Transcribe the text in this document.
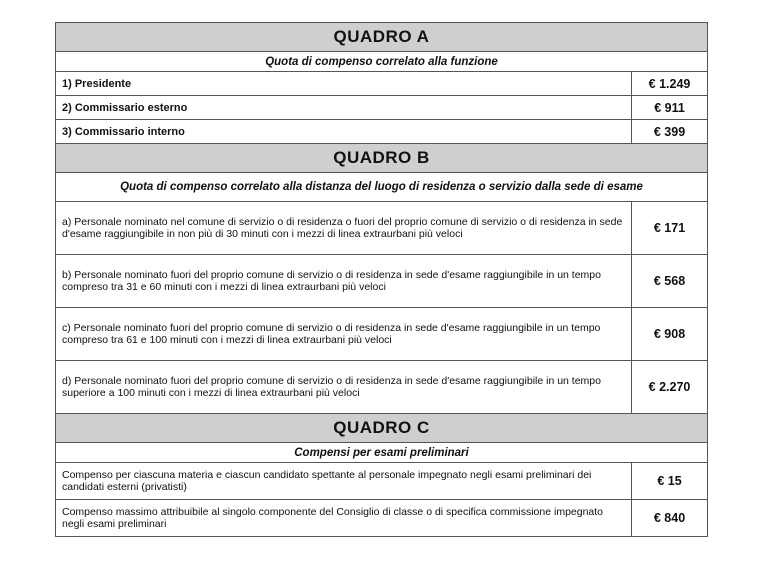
QUADRO A	
Quota di compenso correlato alla funzione	
1) Presidente	€ 1.249
2) Commissario esterno	€ 911
3) Commissario interno	€ 399
QUADRO B	
Quota di compenso correlato alla distanza del luogo di residenza o servizio dalla sede di esame	
a) Personale nominato nel comune di servizio o di residenza o fuori del proprio comune di servizio o di residenza in sede d'esame raggiungibile in non più di 30 minuti con i mezzi di linea extraurbani più veloci	€ 171
b) Personale nominato fuori del proprio comune di servizio o di residenza in sede d'esame raggiungibile in un tempo compreso tra 31 e 60 minuti con i mezzi di linea extraurbani più veloci	€ 568
c) Personale nominato fuori del proprio comune di servizio o di residenza in sede d'esame raggiungibile in un tempo compreso tra 61 e 100 minuti con i mezzi di linea extraurbani più veloci	€ 908
d) Personale nominato fuori del proprio comune di servizio o di residenza in sede d'esame raggiungibile in un tempo superiore a 100 minuti con i mezzi di linea extraurbani più veloci	€ 2.270
QUADRO C	
Compensi per esami preliminari	
Compenso per ciascuna materia e ciascun candidato spettante al personale impegnato negli esami preliminari dei candidati esterni (privatisti)	€ 15
Compenso massimo attribuibile al singolo componente del Consiglio di classe o di specifica commissione impegnato negli esami preliminari	€ 840
